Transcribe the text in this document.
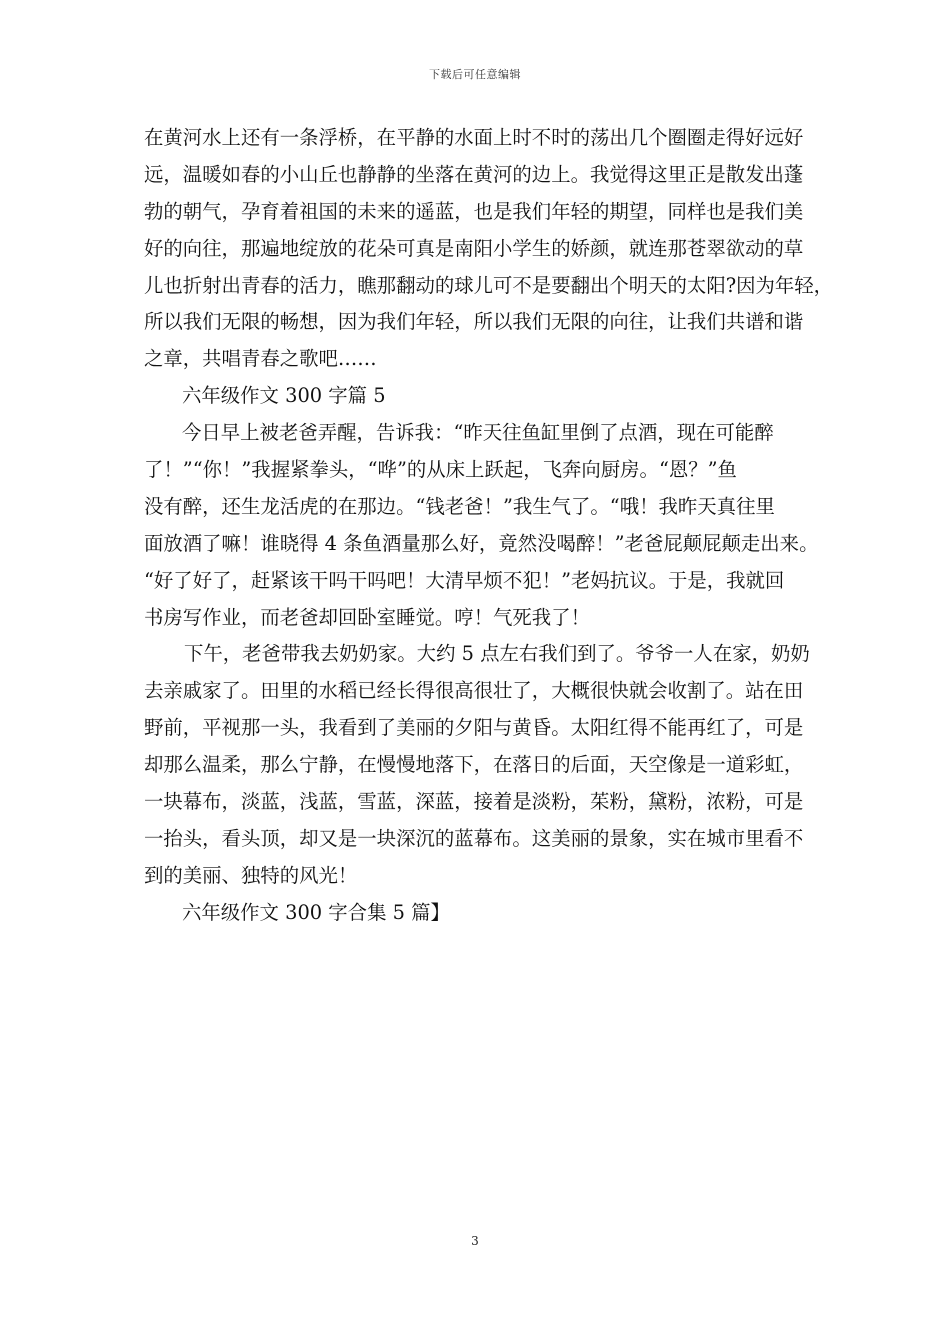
下载后可任意编辑
在黄河水上还有一条浮桥，在平静的水面上时不时的荡出几个圈圈走得好远好
远，温暖如春的小山丘也静静的坐落在黄河的边上。我觉得这里正是散发出蓬
勃的朝气，孕育着祖国的未来的遥蓝，也是我们年轻的期望，同样也是我们美
好的向往，那遍地绽放的花朵可真是南阳小学生的娇颜，就连那苍翠欲动的草
儿也折射出青春的活力，瞧那翻动的球儿可不是要翻出个明天的太阳?因为年轻，
所以我们无限的畅想，因为我们年轻，所以我们无限的向往，让我们共谱和谐
之章，共唱青春之歌吧……
六年级作文 300 字篇 5
今日早上被老爸弄醒，告诉我：“昨天往鱼缸里倒了点酒，现在可能醉
了！”“你！”我握紧拳头，“哗”的从床上跃起，飞奔向厨房。“恩？”鱼
没有醉，还生龙活虎的在那边。“钱老爸！”我生气了。“哦！我昨天真往里
面放酒了嘛！谁晓得 4 条鱼酒量那么好，竟然没喝醉！”老爸屁颠屁颠走出来。
“好了好了，赶紧该干吗干吗吧！大清早烦不犯！”老妈抗议。于是，我就回
书房写作业，而老爸却回卧室睡觉。哼！气死我了！
下午，老爸带我去奶奶家。大约 5 点左右我们到了。爷爷一人在家，奶奶
去亲戚家了。田里的水稻已经长得很高很壮了，大概很快就会收割了。站在田
野前，平视那一头，我看到了美丽的夕阳与黄昏。太阳红得不能再红了，可是
却那么温柔，那么宁静，在慢慢地落下，在落日的后面，天空像是一道彩虹，
一块幕布，淡蓝，浅蓝，雪蓝，深蓝，接着是淡粉，茱粉，黛粉，浓粉，可是
一抬头，看头顶，却又是一块深沉的蓝幕布。这美丽的景象，实在城市里看不
到的美丽、独特的风光！
六年级作文 300 字合集 5 篇】
3
